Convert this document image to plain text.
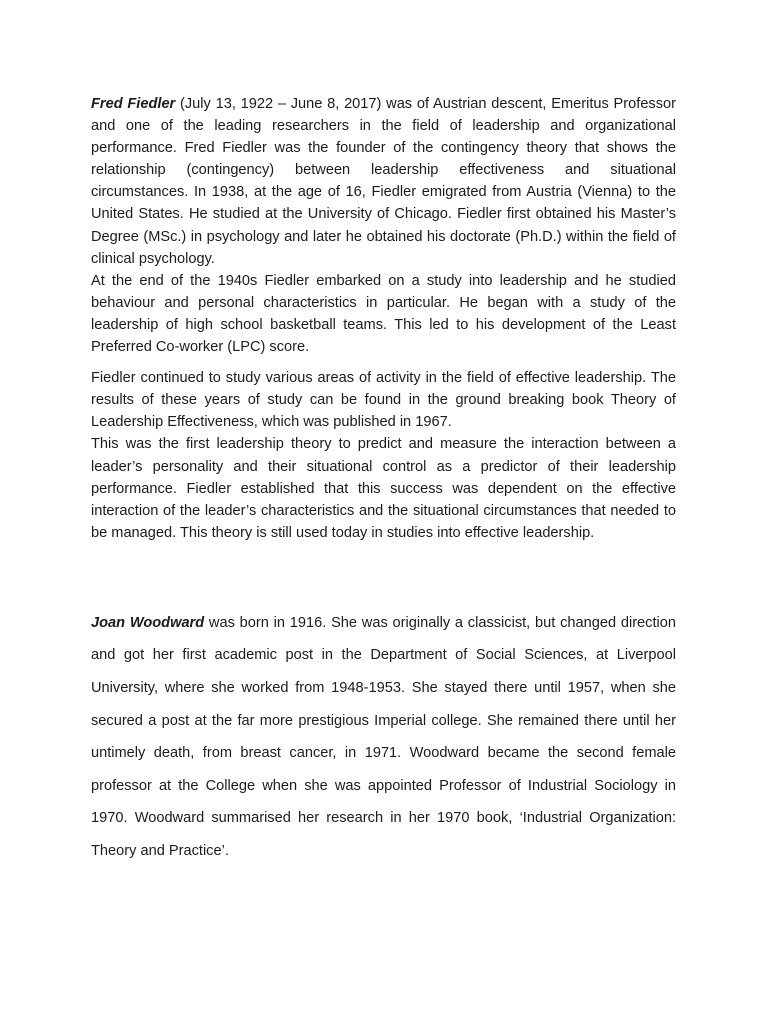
Fred Fiedler (July 13, 1922 – June 8, 2017) was of Austrian descent, Emeritus Professor and one of the leading researchers in the field of leadership and organizational performance. Fred Fiedler was the founder of the contingency theory that shows the relationship (contingency) between leadership effectiveness and situational circumstances. In 1938, at the age of 16, Fiedler emigrated from Austria (Vienna) to the United States. He studied at the University of Chicago. Fiedler first obtained his Master’s Degree (MSc.) in psychology and later he obtained his doctorate (Ph.D.) within the field of clinical psychology.

At the end of the 1940s Fiedler embarked on a study into leadership and he studied behaviour and personal characteristics in particular. He began with a study of the leadership of high school basketball teams. This led to his development of the Least Preferred Co-worker (LPC) score.

Fiedler continued to study various areas of activity in the field of effective leadership. The results of these years of study can be found in the ground breaking book Theory of Leadership Effectiveness, which was published in 1967.

This was the first leadership theory to predict and measure the interaction between a leader’s personality and their situational control as a predictor of their leadership performance. Fiedler established that this success was dependent on the effective interaction of the leader’s characteristics and the situational circumstances that needed to be managed. This theory is still used today in studies into effective leadership.

Joan Woodward was born in 1916. She was originally a classicist, but changed direction and got her first academic post in the Department of Social Sciences, at Liverpool University, where she worked from 1948-1953. She stayed there until 1957, when she secured a post at the far more prestigious Imperial college. She remained there until her untimely death, from breast cancer, in 1971. Woodward became the second female professor at the College when she was appointed Professor of Industrial Sociology in 1970. Woodward summarised her research in her 1970 book, ‘Industrial Organization: Theory and Practice’.
